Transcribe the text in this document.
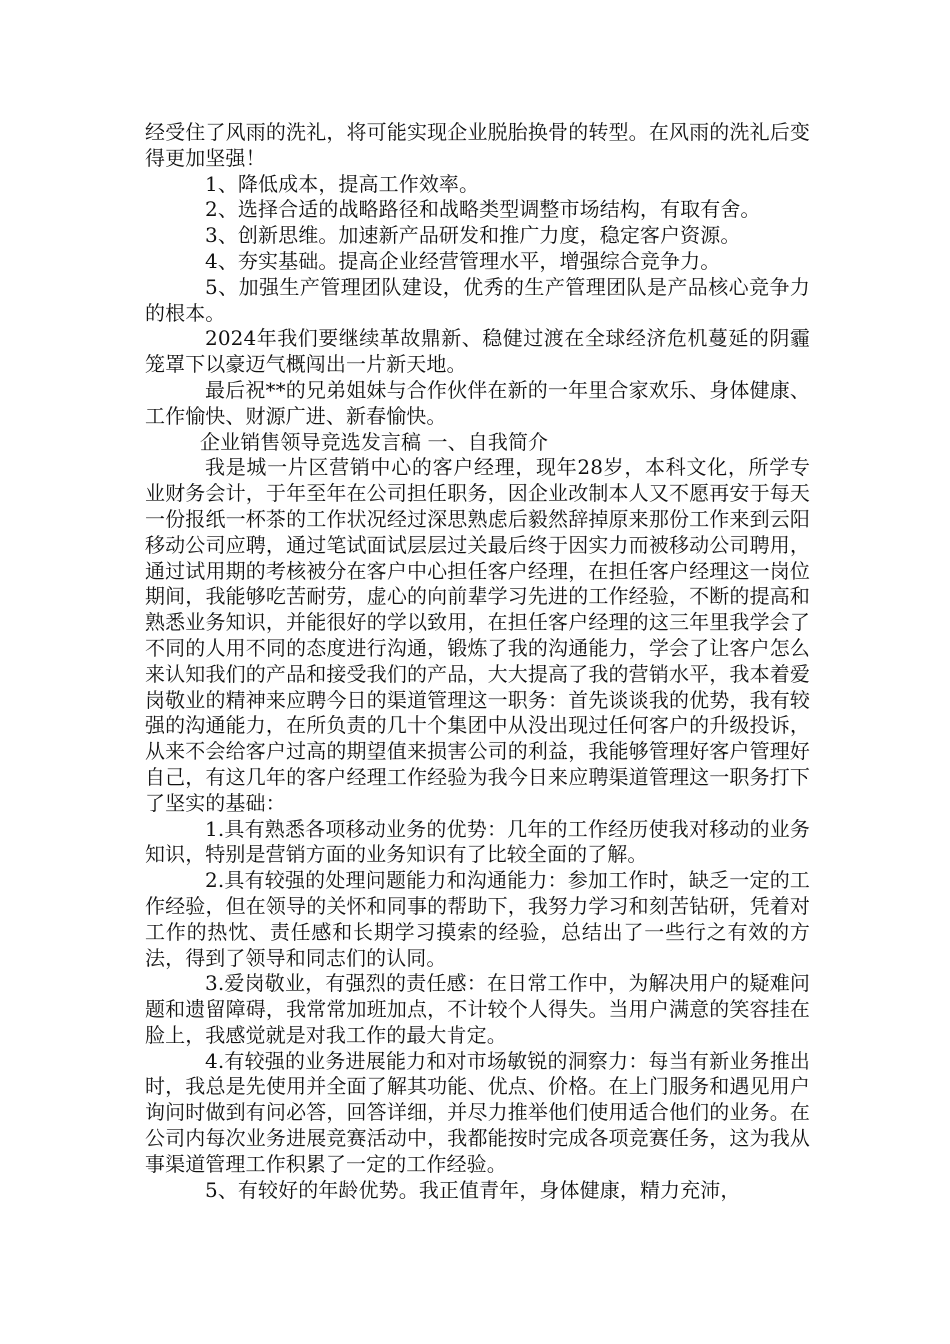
经受住了风雨的洗礼，将可能实现企业脱胎换骨的转型。在风雨的洗礼后变得更加坚强！

1、降低成本，提高工作效率。

2、选择合适的战略路径和战略类型调整市场结构，有取有舍。

3、创新思维。加速新产品研发和推广力度，稳定客户资源。

4、夯实基础。提高企业经营管理水平，增强综合竞争力。

5、加强生产管理团队建设，优秀的生产管理团队是产品核心竞争力的根本。

2024年我们要继续革故鼎新、稳健过渡在全球经济危机蔓延的阴霾笼罩下以豪迈气概闯出一片新天地。

最后祝**的兄弟姐妹与合作伙伴在新的一年里合家欢乐、身体健康、工作愉快、财源广进、新春愉快。

企业销售领导竞选发言稿 一、自我简介

我是城一片区营销中心的客户经理，现年28岁，本科文化，所学专业财务会计，于年至年在公司担任职务，因企业改制本人又不愿再安于每天一份报纸一杯茶的工作状况经过深思熟虑后毅然辞掉原来那份工作来到云阳移动公司应聘，通过笔试面试层层过关最后终于因实力而被移动公司聘用，通过试用期的考核被分在客户中心担任客户经理，在担任客户经理这一岗位期间，我能够吃苦耐劳，虚心的向前辈学习先进的工作经验，不断的提高和熟悉业务知识，并能很好的学以致用，在担任客户经理的这三年里我学会了不同的人用不同的态度进行沟通，锻炼了我的沟通能力，学会了让客户怎么来认知我们的产品和接受我们的产品，大大提高了我的营销水平，我本着爱岗敬业的精神来应聘今日的渠道管理这一职务：首先谈谈我的优势，我有较强的沟通能力，在所负责的几十个集团中从没出现过任何客户的升级投诉，从来不会给客户过高的期望值来损害公司的利益，我能够管理好客户管理好自己，有这几年的客户经理工作经验为我今日来应聘渠道管理这一职务打下了坚实的基础：

1.具有熟悉各项移动业务的优势：几年的工作经历使我对移动的业务知识，特别是营销方面的业务知识有了比较全面的了解。

2.具有较强的处理问题能力和沟通能力：参加工作时，缺乏一定的工作经验，但在领导的关怀和同事的帮助下，我努力学习和刻苦钻研，凭着对工作的热忱、责任感和长期学习摸索的经验，总结出了一些行之有效的方法，得到了领导和同志们的认同。

3.爱岗敬业，有强烈的责任感：在日常工作中，为解决用户的疑难问题和遗留障碍，我常常加班加点，不计较个人得失。当用户满意的笑容挂在脸上，我感觉就是对我工作的最大肯定。

4.有较强的业务进展能力和对市场敏锐的洞察力：每当有新业务推出时，我总是先使用并全面了解其功能、优点、价格。在上门服务和遇见用户询问时做到有问必答，回答详细，并尽力推举他们使用适合他们的业务。在公司内每次业务进展竞赛活动中，我都能按时完成各项竞赛任务，这为我从事渠道管理工作积累了一定的工作经验。

5、有较好的年龄优势。我正值青年，身体健康，精力充沛，
